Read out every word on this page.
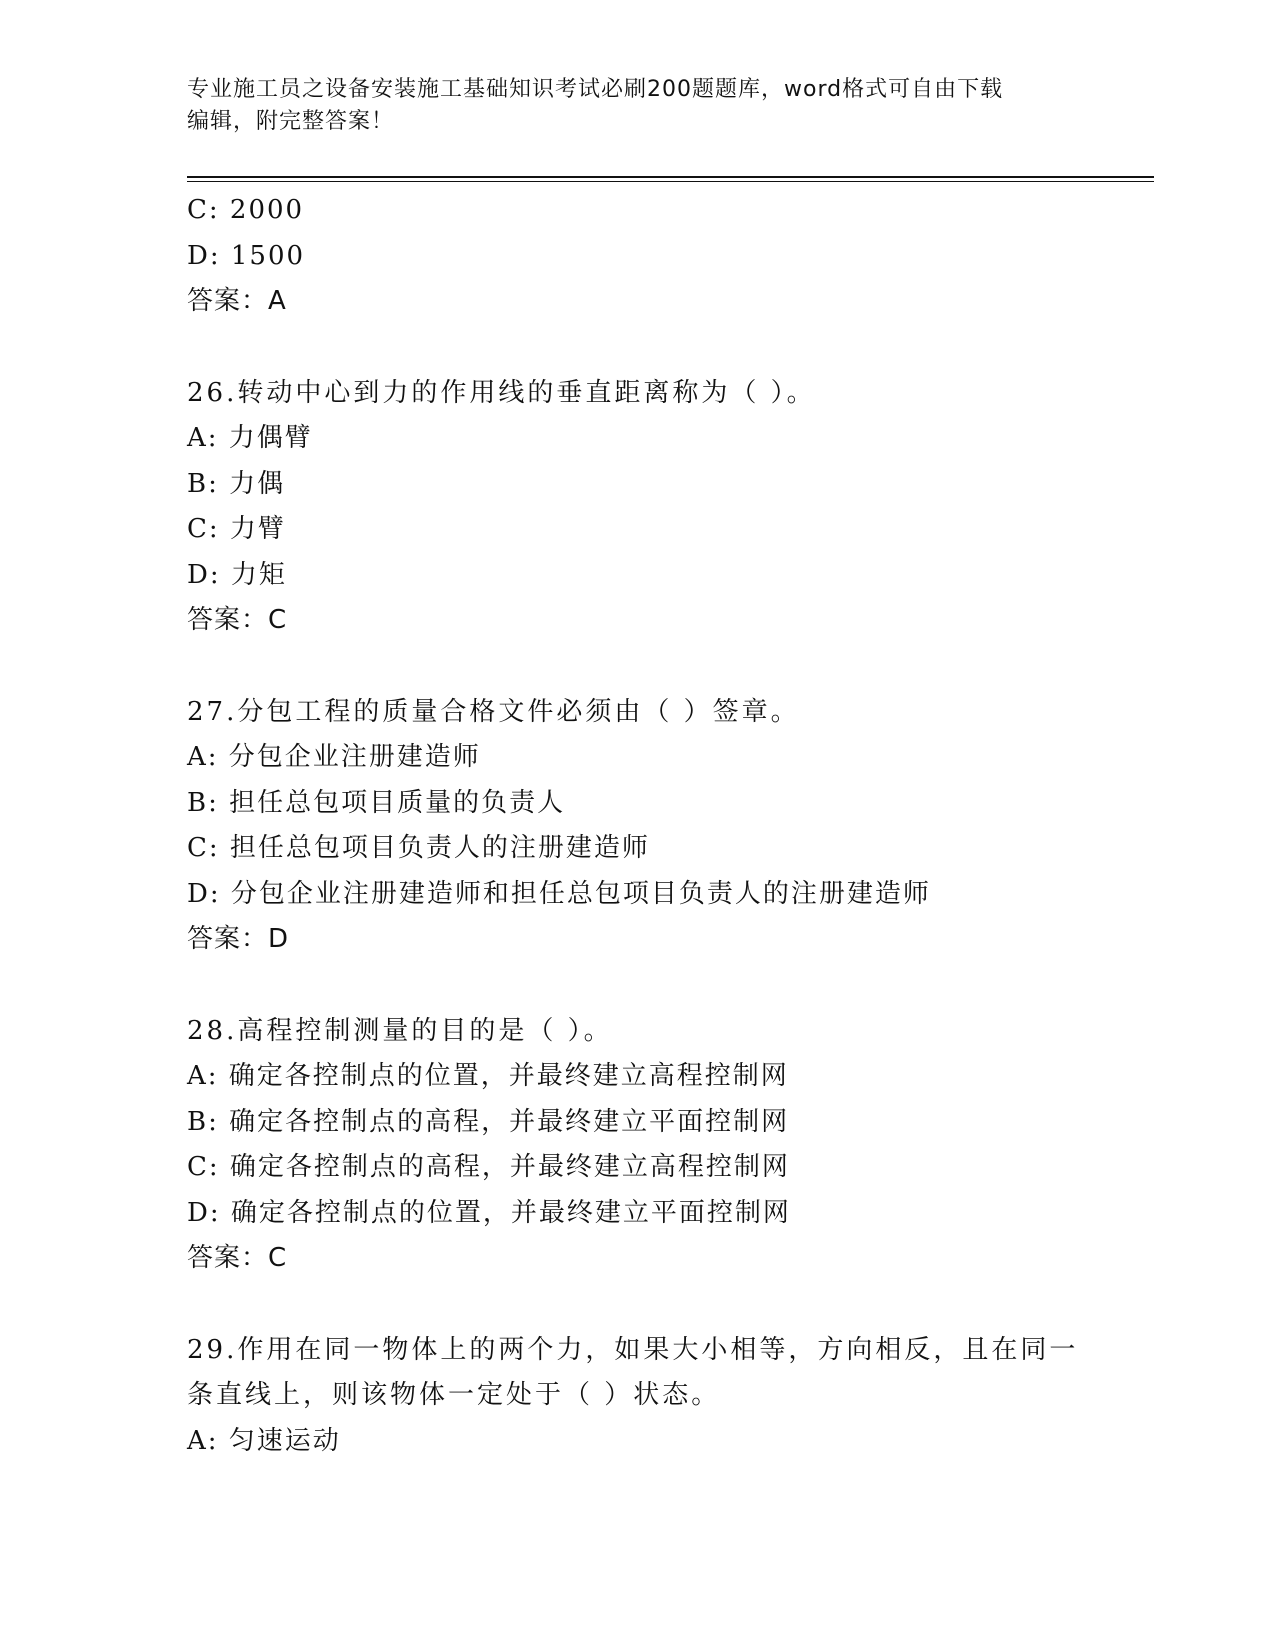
专业施工员之设备安装施工基础知识考试必刷200题题库，word格式可自由下载
编辑，附完整答案！
C: 2000
D: 1500
答案：A
26.转动中心到力的作用线的垂直距离称为（ ）。
A: 力偶臂
B: 力偶
C: 力臂
D: 力矩
答案：C
27.分包工程的质量合格文件必须由（ ）签章。
A: 分包企业注册建造师
B: 担任总包项目质量的负责人
C: 担任总包项目负责人的注册建造师
D: 分包企业注册建造师和担任总包项目负责人的注册建造师
答案：D
28.高程控制测量的目的是（ ）。
A: 确定各控制点的位置，并最终建立高程控制网
B: 确定各控制点的高程，并最终建立平面控制网
C: 确定各控制点的高程，并最终建立高程控制网
D: 确定各控制点的位置，并最终建立平面控制网
答案：C
29.作用在同一物体上的两个力，如果大小相等，方向相反，且在同一
条直线上，则该物体一定处于（ ）状态。
A: 匀速运动
